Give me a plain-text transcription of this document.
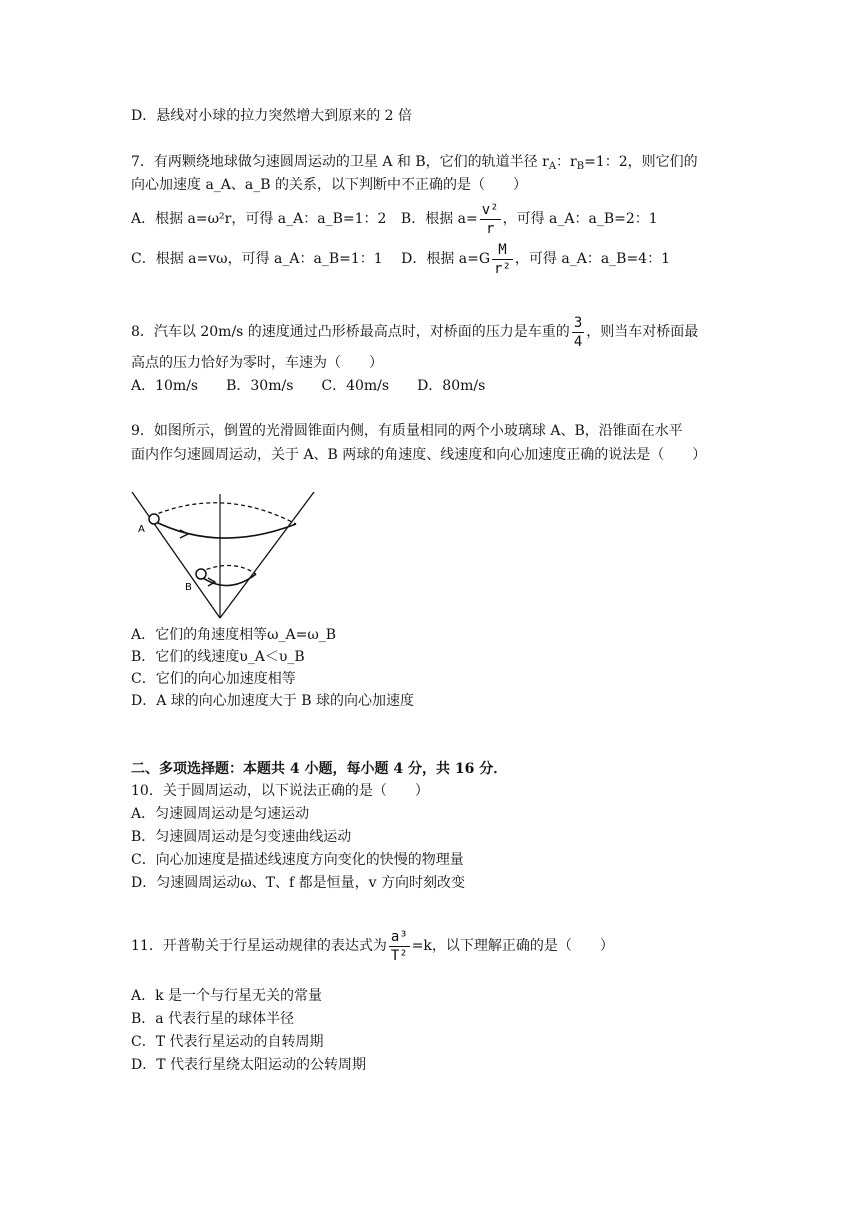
D．悬线对小球的拉力突然增大到原来的 2 倍
7．有两颗绕地球做匀速圆周运动的卫星 A 和 B，它们的轨道半径 $r_A$：$r_B=1$：2，则它们的
向心加速度 a_A、a_B 的关系，以下判断中不正确的是（　　）
A．根据 a=ω²r，可得 a_A：a_B=1：2 B．根据 $a= \frac{\text{v²}}{r}$ ，可得 a_A：a_B=2：1
C．根据 a=vω，可得 a_A：a_B=1：1 D．根据 $a=G \frac{M}{\text{r²}}$ ，可得 a_A：a_B=4：1
8．汽车以 20m/s 的速度通过凸形桥最高点时，对桥面的压力是车重的 $\frac{3}{4}$ ，则当车对桥面最
高点的压力恰好为零时，车速为（　　）
A．10m/s　　B．30m/s　　C．40m/s　　D．80m/s
9．如图所示，倒置的光滑圆锥面内侧，有质量相同的两个小玻璃球 A、B，沿锥面在水平
面内作匀速圆周运动，关于 A、B 两球的角速度、线速度和向心加速度正确的说法是（　　）
A
B
A．它们的角速度相等ω_A=ω_B
B．它们的线速度υ_A＜υ_B
C．它们的向心加速度相等
D．A 球的向心加速度大于 B 球的向心加速度
二、多项选择题：本题共 4 小题，每小题 4 分，共 16 分．
10．关于圆周运动，以下说法正确的是（　　）
A．匀速圆周运动是匀速运动
B．匀速圆周运动是匀变速曲线运动
C．向心加速度是描述线速度方向变化的快慢的物理量
D．匀速圆周运动ω、T、f 都是恒量，v 方向时刻改变
11．开普勒关于行星运动规律的表达式为 $\frac{\text{a³}}{\text{T²}} =k$，以下理解正确的是（　　）
A．k 是一个与行星无关的常量
B．a 代表行星的球体半径
C．T 代表行星运动的自转周期
D．T 代表行星绕太阳运动的公转周期
